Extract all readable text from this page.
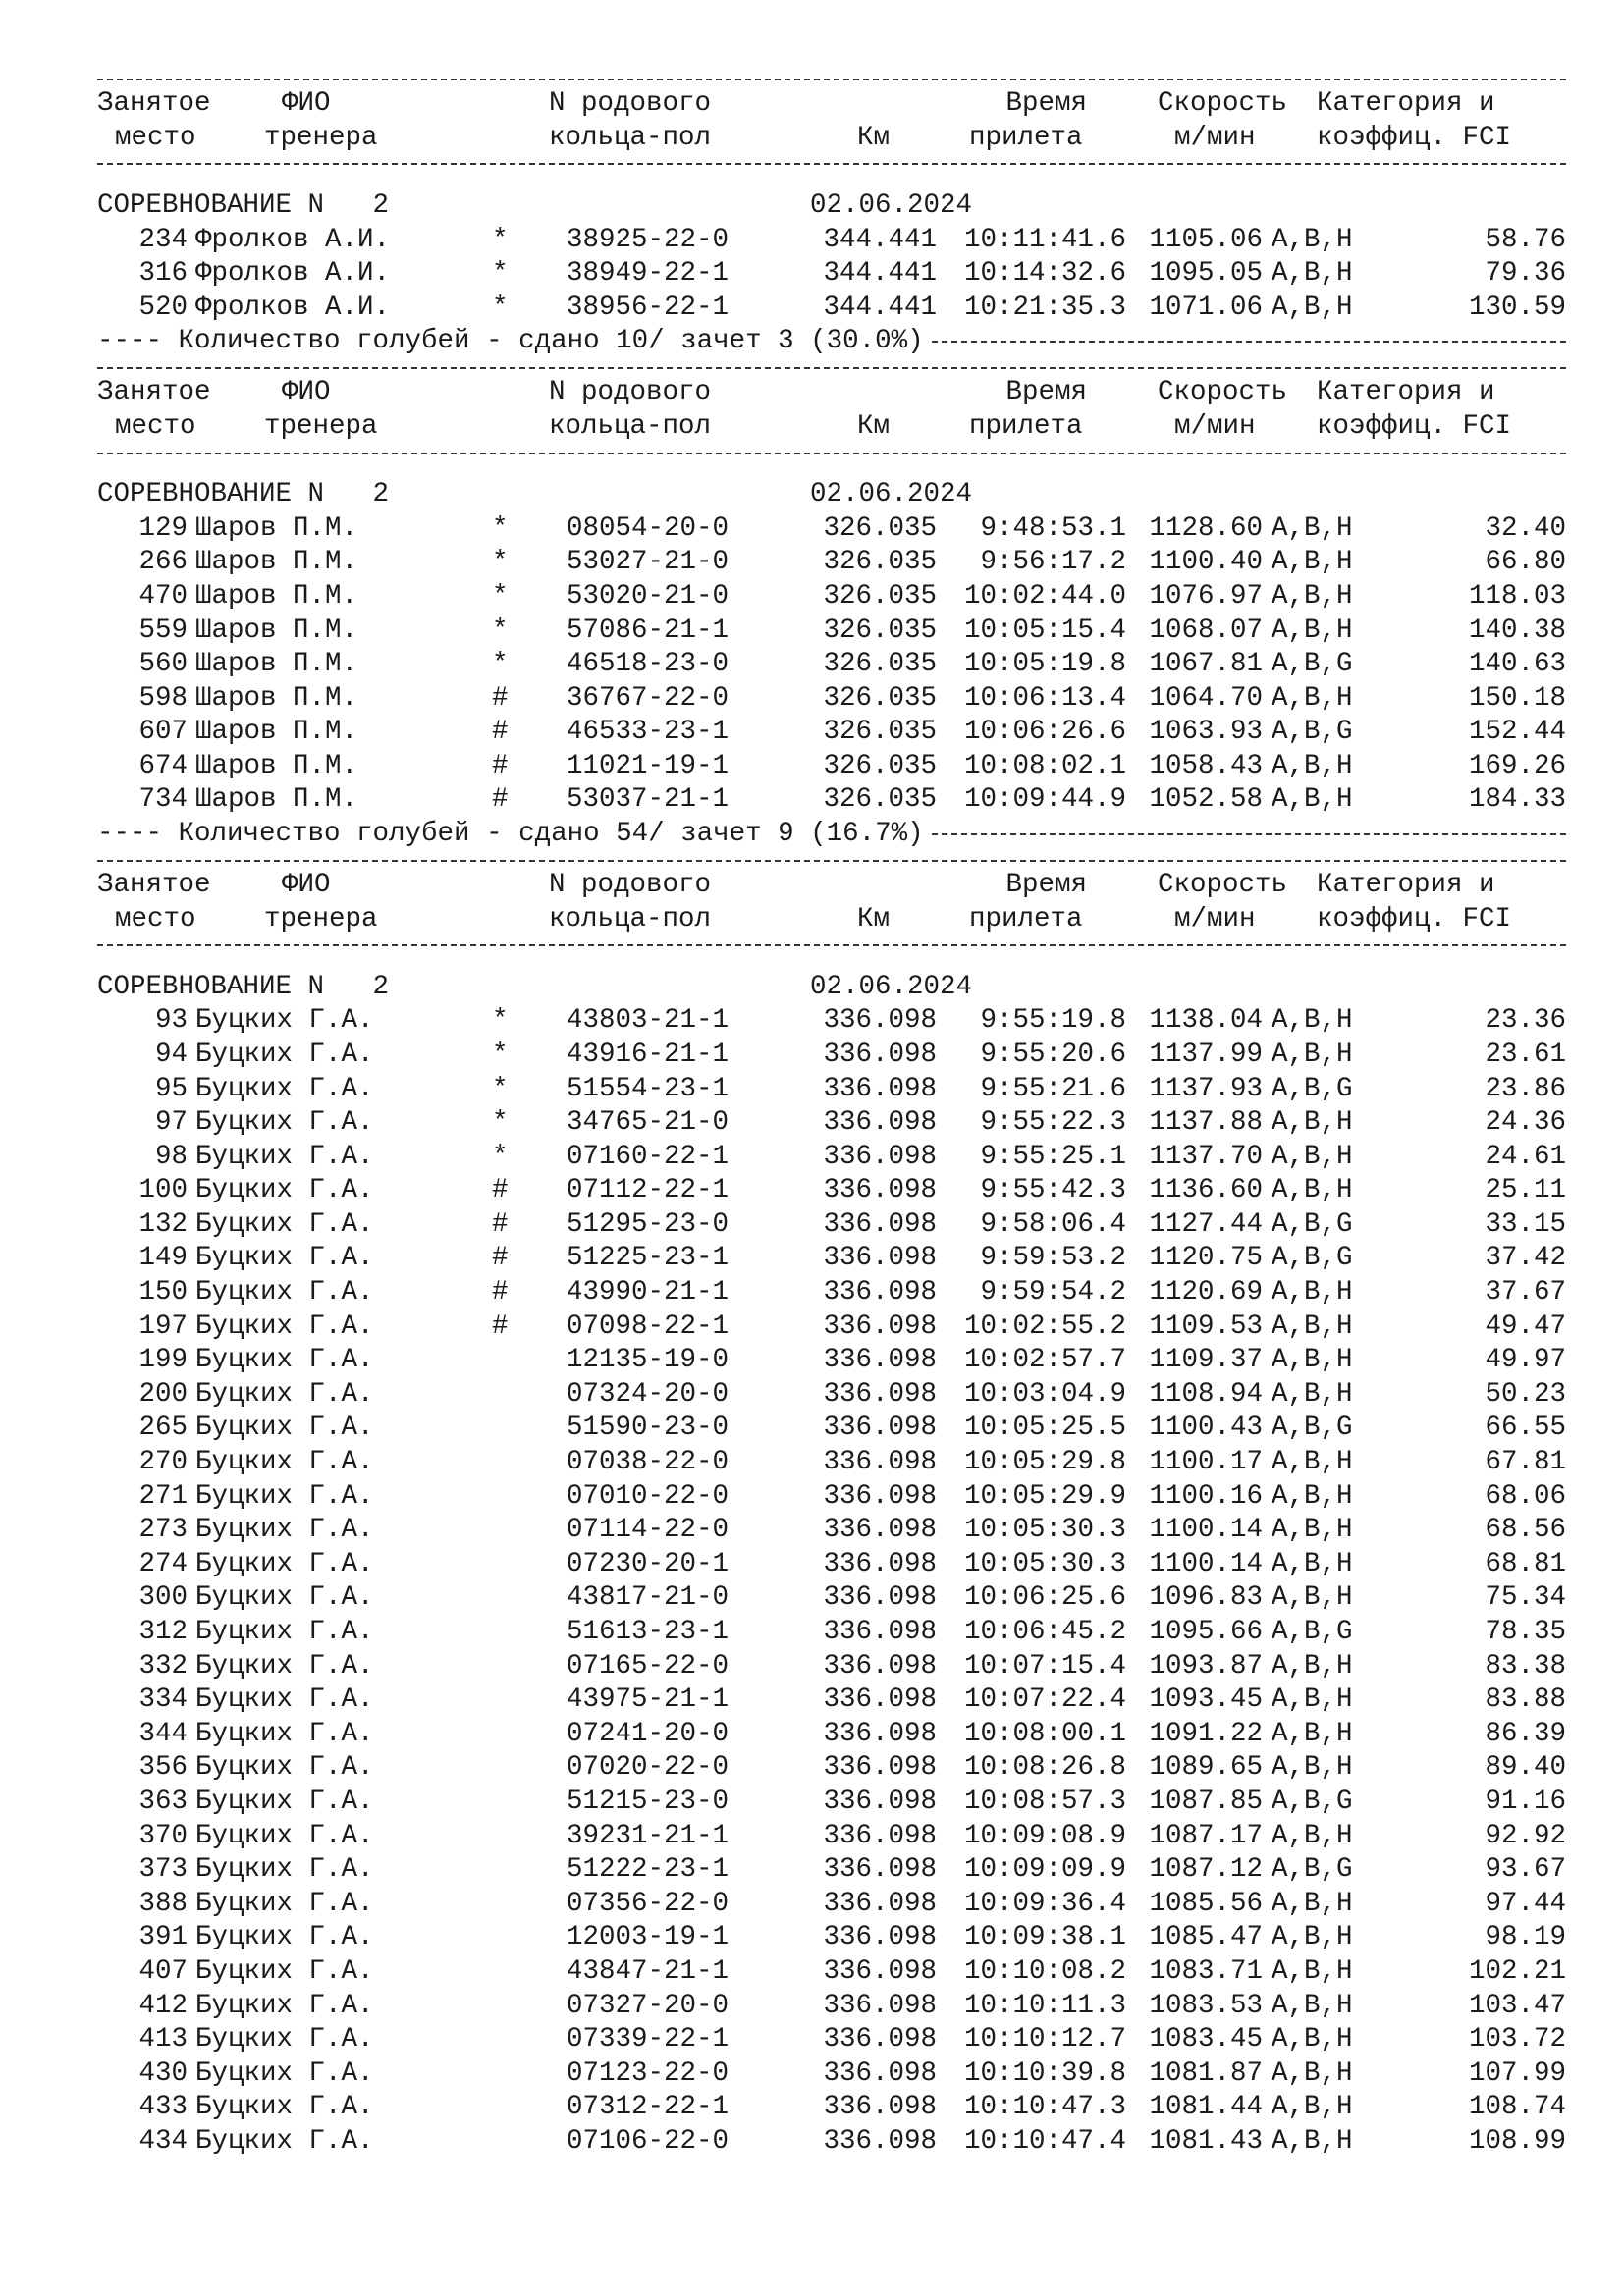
Занятое	ФИО	N родового	Время	Скорость Категория и
место	тренера	кольца-пол	Км	прилета	м/мин коэффиц. FCI
СОРЕВНОВАНИЕ N   2	02.06.2024
234 Фролков А.И.	* 38925-22-0	344.441	10:11:41.6 1105.06 A,B,H	58.76
316 Фролков А.И.	* 38949-22-1	344.441	10:14:32.6 1095.05 A,B,H	79.36
520 Фролков А.И.	* 38956-22-1	344.441	10:21:35.3 1071.06 A,B,H	130.59
---- Количество голубей - сдано 10/ зачет 3 (30.0%)
Занятое	ФИО	N родового	Время	Скорость Категория и
место	тренера	кольца-пол	Км	прилета	м/мин коэффиц. FCI
СОРЕВНОВАНИЕ N   2	02.06.2024
129 Шаров П.М.	* 08054-20-0	326.035	9:48:53.1 1128.60 A,B,H	32.40
266 Шаров П.М.	* 53027-21-0	326.035	9:56:17.2 1100.40 A,B,H	66.80
470 Шаров П.М.	* 53020-21-0	326.035	10:02:44.0 1076.97 A,B,H	118.03
559 Шаров П.М.	* 57086-21-1	326.035	10:05:15.4 1068.07 A,B,H	140.38
560 Шаров П.М.	* 46518-23-0	326.035	10:05:19.8 1067.81 A,B,G	140.63
598 Шаров П.М.	# 36767-22-0	326.035	10:06:13.4 1064.70 A,B,H	150.18
607 Шаров П.М.	# 46533-23-1	326.035	10:06:26.6 1063.93 A,B,G	152.44
674 Шаров П.М.	# 11021-19-1	326.035	10:08:02.1 1058.43 A,B,H	169.26
734 Шаров П.М.	# 53037-21-1	326.035	10:09:44.9 1052.58 A,B,H	184.33
---- Количество голубей - сдано 54/ зачет 9 (16.7%)
Занятое	ФИО	N родового	Время	Скорость Категория и
место	тренера	кольца-пол	Км	прилета	м/мин коэффиц. FCI
СОРЕВНОВАНИЕ N   2	02.06.2024
93 Буцких Г.А.	* 43803-21-1	336.098	9:55:19.8 1138.04 A,B,H	23.36
94 Буцких Г.А.	* 43916-21-1	336.098	9:55:20.6 1137.99 A,B,H	23.61
95 Буцких Г.А.	* 51554-23-1	336.098	9:55:21.6 1137.93 A,B,G	23.86
97 Буцких Г.А.	* 34765-21-0	336.098	9:55:22.3 1137.88 A,B,H	24.36
98 Буцких Г.А.	* 07160-22-1	336.098	9:55:25.1 1137.70 A,B,H	24.61
100 Буцких Г.А.	# 07112-22-1	336.098	9:55:42.3 1136.60 A,B,H	25.11
132 Буцких Г.А.	# 51295-23-0	336.098	9:58:06.4 1127.44 A,B,G	33.15
149 Буцких Г.А.	# 51225-23-1	336.098	9:59:53.2 1120.75 A,B,G	37.42
150 Буцких Г.А.	# 43990-21-1	336.098	9:59:54.2 1120.69 A,B,H	37.67
197 Буцких Г.А.	# 07098-22-1	336.098	10:02:55.2 1109.53 A,B,H	49.47
199 Буцких Г.А.	12135-19-0	336.098	10:02:57.7 1109.37 A,B,H	49.97
200 Буцких Г.А.	07324-20-0	336.098	10:03:04.9 1108.94 A,B,H	50.23
265 Буцких Г.А.	51590-23-0	336.098	10:05:25.5 1100.43 A,B,G	66.55
270 Буцких Г.А.	07038-22-0	336.098	10:05:29.8 1100.17 A,B,H	67.81
271 Буцких Г.А.	07010-22-0	336.098	10:05:29.9 1100.16 A,B,H	68.06
273 Буцких Г.А.	07114-22-0	336.098	10:05:30.3 1100.14 A,B,H	68.56
274 Буцких Г.А.	07230-20-1	336.098	10:05:30.3 1100.14 A,B,H	68.81
300 Буцких Г.А.	43817-21-0	336.098	10:06:25.6 1096.83 A,B,H	75.34
312 Буцких Г.А.	51613-23-1	336.098	10:06:45.2 1095.66 A,B,G	78.35
332 Буцких Г.А.	07165-22-0	336.098	10:07:15.4 1093.87 A,B,H	83.38
334 Буцких Г.А.	43975-21-1	336.098	10:07:22.4 1093.45 A,B,H	83.88
344 Буцких Г.А.	07241-20-0	336.098	10:08:00.1 1091.22 A,B,H	86.39
356 Буцких Г.А.	07020-22-0	336.098	10:08:26.8 1089.65 A,B,H	89.40
363 Буцких Г.А.	51215-23-0	336.098	10:08:57.3 1087.85 A,B,G	91.16
370 Буцких Г.А.	39231-21-1	336.098	10:09:08.9 1087.17 A,B,H	92.92
373 Буцких Г.А.	51222-23-1	336.098	10:09:09.9 1087.12 A,B,G	93.67
388 Буцких Г.А.	07356-22-0	336.098	10:09:36.4 1085.56 A,B,H	97.44
391 Буцких Г.А.	12003-19-1	336.098	10:09:38.1 1085.47 A,B,H	98.19
407 Буцких Г.А.	43847-21-1	336.098	10:10:08.2 1083.71 A,B,H	102.21
412 Буцких Г.А.	07327-20-0	336.098	10:10:11.3 1083.53 A,B,H	103.47
413 Буцких Г.А.	07339-22-1	336.098	10:10:12.7 1083.45 A,B,H	103.72
430 Буцких Г.А.	07123-22-0	336.098	10:10:39.8 1081.87 A,B,H	107.99
433 Буцких Г.А.	07312-22-1	336.098	10:10:47.3 1081.44 A,B,H	108.74
434 Буцких Г.А.	07106-22-0	336.098	10:10:47.4 1081.43 A,B,H	108.99
